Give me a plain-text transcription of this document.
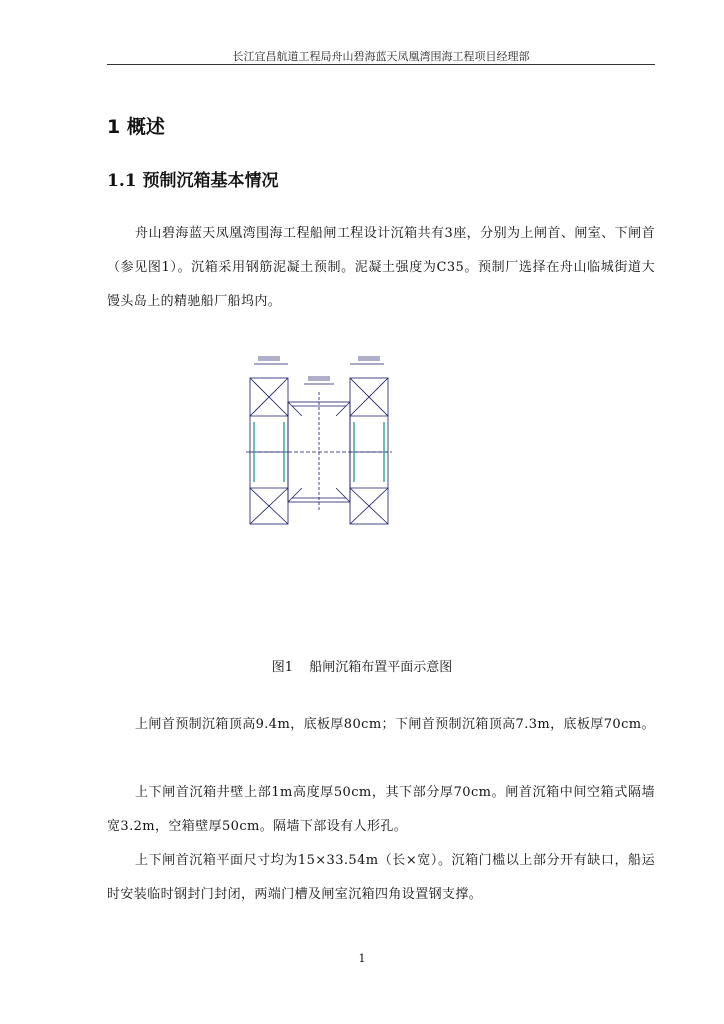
长江宜昌航道工程局舟山碧海蓝天凤凰湾围海工程项目经理部
1 概述
1.1 预制沉箱基本情况
舟山碧海蓝天凤凰湾围海工程船闸工程设计沉箱共有3座，分别为上闸首、闸室、下闸首（参见图1）。沉箱采用钢筋泥凝土预制。泥凝土强度为C35。预制厂选择在舟山临城街道大馒头岛上的精驰船厂船坞内。
图1 船闸沉箱布置平面示意图
上闸首预制沉箱顶高9.4m，底板厚80cm；下闸首预制沉箱顶高7.3m，底板厚70cm。
上下闸首沉箱井壁上部1m高度厚50cm，其下部分厚70cm。闸首沉箱中间空箱式隔墙宽3.2m，空箱壁厚50cm。隔墙下部设有人形孔。
上下闸首沉箱平面尺寸均为15×33.54m（长×宽）。沉箱门槛以上部分开有缺口，船运时安装临时钢封门封闭，两端门槽及闸室沉箱四角设置钢支撑。
1
